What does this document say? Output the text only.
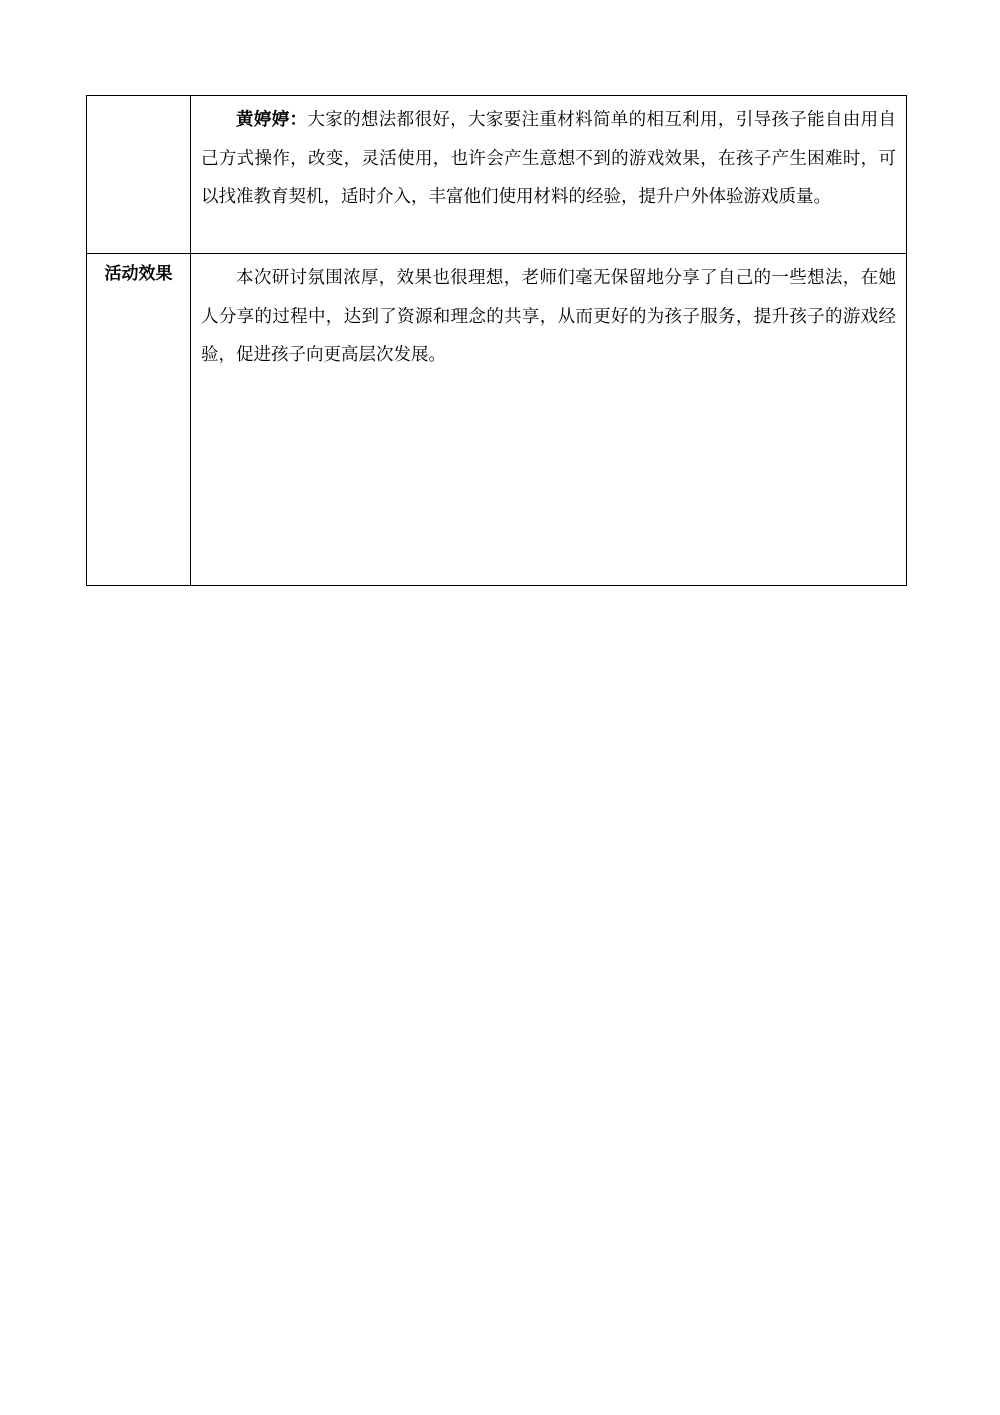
	黄婷婷：大家的想法都很好，大家要注重材料简单的相互利用，引导孩子能自由用自己方式操作，改变，灵活使用，也许会产生意想不到的游戏效果，在孩子产生困难时，可以找准教育契机，适时介入，丰富他们使用材料的经验，提升户外体验游戏质量。

活动效果	本次研讨氛围浓厚，效果也很理想，老师们毫无保留地分享了自己的一些想法，在她人分享的过程中，达到了资源和理念的共享，从而更好的为孩子服务，提升孩子的游戏经验，促进孩子向更高层次发展。
